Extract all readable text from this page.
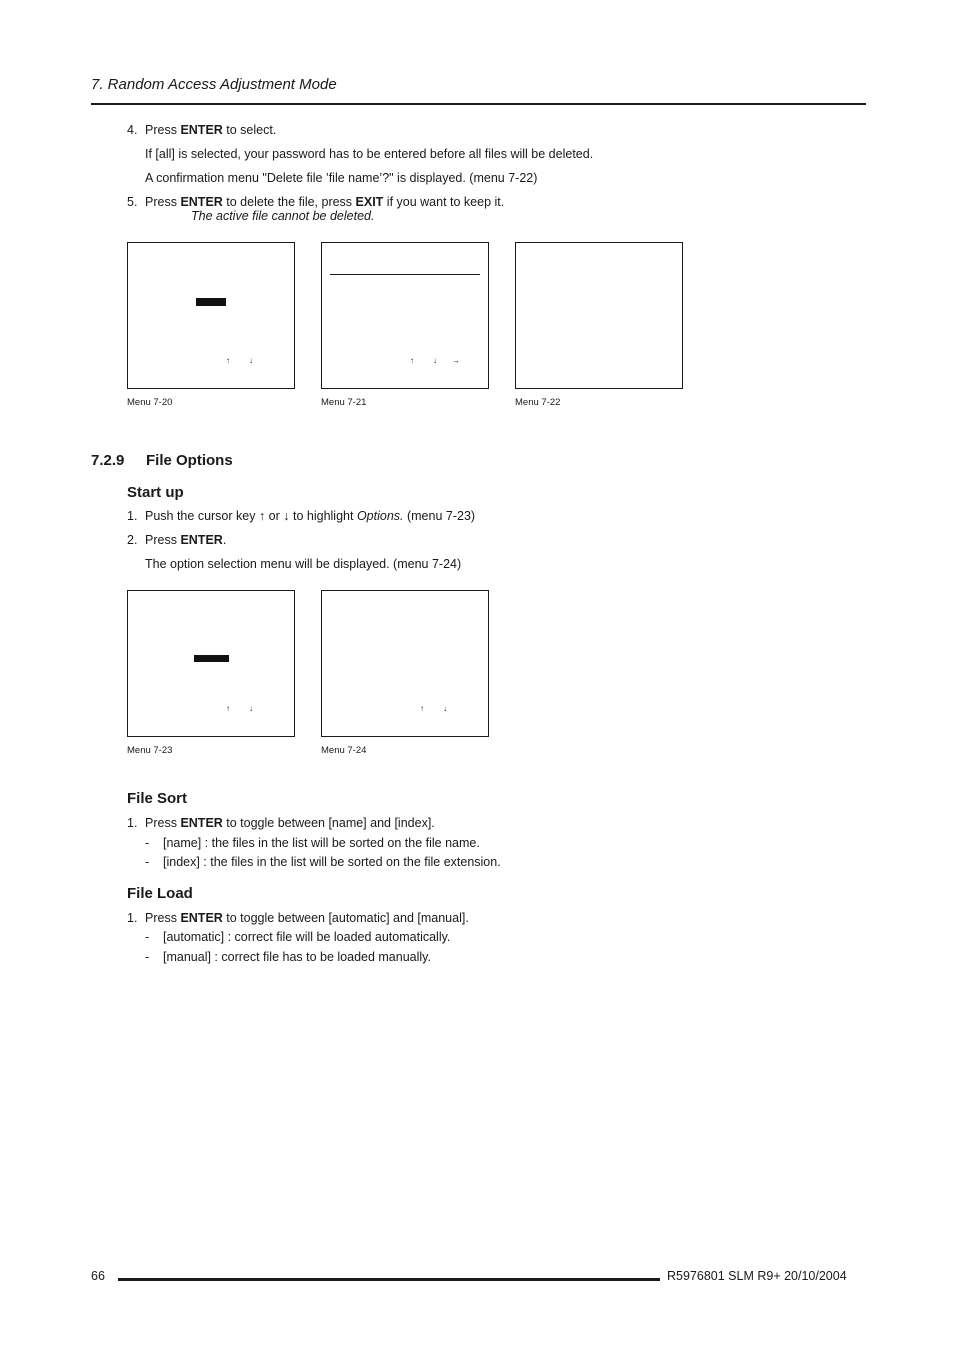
7. Random Access Adjustment Mode
4. Press ENTER to select.
If [all] is selected, your password has to be entered before all files will be deleted.
A confirmation menu "Delete file ’file name’?" is displayed. (menu 7-22)
5. Press ENTER to delete the file, press EXIT if you want to keep it.
The active file cannot be deleted.
↑ ↓	↑ ↓ →
Menu 7-20	Menu 7-21	Menu 7-22
7.2.9 File Options
Start up
1. Push the cursor key ↑ or ↓ to highlight Options. (menu 7-23)
2. Press ENTER.
The option selection menu will be displayed. (menu 7-24)
↑ ↓	↑ ↓
Menu 7-23	Menu 7-24
File Sort
1. Press ENTER to toggle between [name] and [index].
- [name] : the files in the list will be sorted on the file name.
- [index] : the files in the list will be sorted on the file extension.
File Load
1. Press ENTER to toggle between [automatic] and [manual].
- [automatic] : correct file will be loaded automatically.
- [manual] : correct file has to be loaded manually.
66	R5976801 SLM R9+ 20/10/2004
